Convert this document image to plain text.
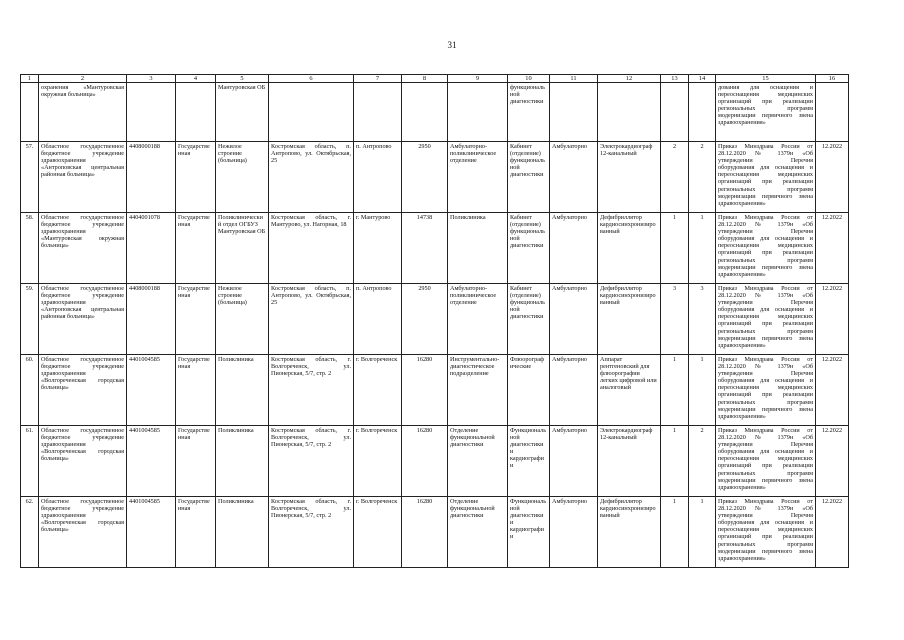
31
1	2	3	4	5	6	7	8	9	10	11	12	13	14	15	16
	охранения «Мантуровская окружная больница»			Мантуровская ОБ					функциональной диагностики					дования для оснащения и переоснащения медицинских организаций при реализации региональных программ модернизации первичного звена здравоохранения»	
57.	Областное государственное бюджетное учреждение здравоохранения «Антроповская центральная районная больница»	4408000188	Государственная	Нежилое строение (больница)	Костромская область, п. Антропово, ул. Октябрьская, 25	п. Антропово	2950	Амбулаторно-поликлиническое отделение	Кабинет (отделение) функциональной диагностики	Амбулаторно	Электрокардиограф 12-канальный	2	2	Приказ Минздрава России от 28.12.2020 № 1379н «Об утверждении Перечня оборудования для оснащения и переоснащения медицинских организаций при реализации региональных программ модернизации первичного звена здравоохранения»	12.2022
58.	Областное государственное бюджетное учреждение здравоохранения «Мантуровская окружная больница»	4404001078	Государственная	Поликлинический отдел ОГБУЗ Мантуровская ОБ	Костромская область, г. Мантурово, ул. Нагорная, 18	г. Мантурово	14738	Поликлиника	Кабинет (отделение) функциональной диагностики	Амбулаторно	Дефибриллятор кардиосинхронизированный	1	1	Приказ Минздрава России от 28.12.2020 № 1379н «Об утверждении Перечня оборудования для оснащения и переоснащения медицинских организаций при реализации региональных программ модернизации первичного звена здравоохранения»	12.2022
59.	Областное государственное бюджетное учреждение здравоохранения «Антроповская центральная районная больница»	4408000188	Государственная	Нежилое строение (больница)	Костромская область, п. Антропово, ул. Октябрьская, 25	п. Антропово	2950	Амбулаторно-поликлиническое отделение	Кабинет (отделение) функциональной диагностики	Амбулаторно	Дефибриллятор кардиосинхронизированный	3	3	Приказ Минздрава России от 28.12.2020 № 1379н «Об утверждении Перечня оборудования для оснащения и переоснащения медицинских организаций при реализации региональных программ модернизации первичного звена здравоохранения»	12.2022
60.	Областное государственное бюджетное учреждение здравоохранения «Волгореченская городская больница»	4401004585	Государственная	Поликлиника	Костромская область, г. Волгореченск, ул. Пионерская, 5/7, стр. 2	г. Волгореченск	16280	Инструментально-диагностическое подразделение	Флюорографические	Амбулаторно	Аппарат рентгеновский для флюорографии легких цифровой или аналоговый	1	1	Приказ Минздрава России от 28.12.2020 № 1379н «Об утверждении Перечня оборудования для оснащения и переоснащения медицинских организаций при реализации региональных программ модернизации первичного звена здравоохранения»	12.2022
61.	Областное государственное бюджетное учреждение здравоохранения «Волгореченская городская больница»	4401004585	Государственная	Поликлиника	Костромская область, г. Волгореченск, ул. Пионерская, 5/7, стр. 2	г. Волгореченск	16280	Отделение функциональной диагностики	Функциональной диагностики и кардиографии	Амбулаторно	Электрокардиограф 12-канальный	1	2	Приказ Минздрава России от 28.12.2020 № 1379н «Об утверждении Перечня оборудования для оснащения и переоснащения медицинских организаций при реализации региональных программ модернизации первичного звена здравоохранения»	12.2022
62.	Областное государственное бюджетное учреждение здравоохранения «Волгореченская городская больница»	4401004585	Государственная	Поликлиника	Костромская область, г. Волгореченск, ул. Пионерская, 5/7, стр. 2	г. Волгореченск	16280	Отделение функциональной диагностики	Функциональной диагностики и кардиографии	Амбулаторно	Дефибриллятор кардиосинхронизированный	1	1	Приказ Минздрава России от 28.12.2020 № 1379н «Об утверждении Перечня оборудования для оснащения и переоснащения медицинских организаций при реализации региональных программ модернизации первичного звена здравоохранения»	12.2022
